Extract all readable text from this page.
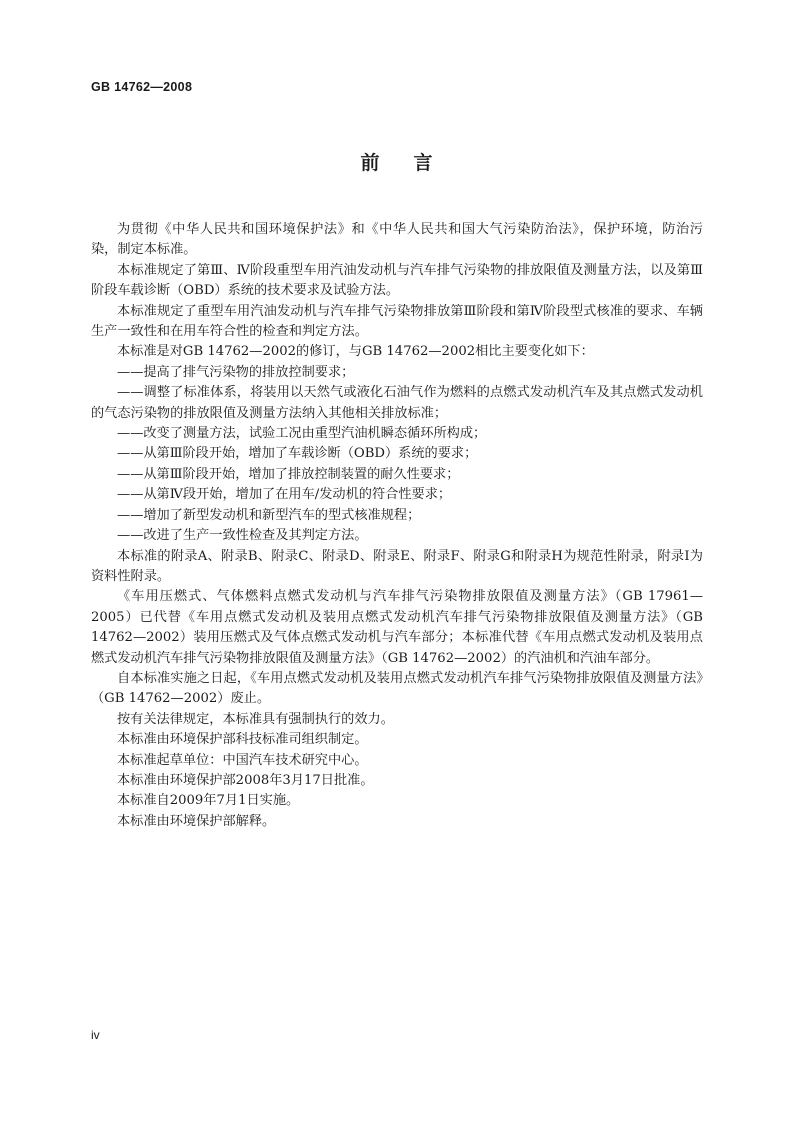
GB 14762—2008
前言

为贯彻《中华人民共和国环境保护法》和《中华人民共和国大气污染防治法》，保护环境，防治污染，制定本标准。

本标准规定了第Ⅲ、Ⅳ阶段重型车用汽油发动机与汽车排气污染物的排放限值及测量方法，以及第Ⅲ阶段车载诊断（OBD）系统的技术要求及试验方法。

本标准规定了重型车用汽油发动机与汽车排气污染物排放第Ⅲ阶段和第Ⅳ阶段型式核准的要求、车辆生产一致性和在用车符合性的检查和判定方法。

本标准是对GB 14762—2002的修订，与GB 14762—2002相比主要变化如下：

——提高了排气污染物的排放控制要求；

——调整了标准体系，将装用以天然气或液化石油气作为燃料的点燃式发动机汽车及其点燃式发动机的气态污染物的排放限值及测量方法纳入其他相关排放标准；

——改变了测量方法，试验工况由重型汽油机瞬态循环所构成；

——从第Ⅲ阶段开始，增加了车载诊断（OBD）系统的要求；

——从第Ⅲ阶段开始，增加了排放控制装置的耐久性要求；

——从第Ⅳ段开始，增加了在用车/发动机的符合性要求；

——增加了新型发动机和新型汽车的型式核准规程；

——改进了生产一致性检查及其判定方法。

本标准的附录A、附录B、附录C、附录D、附录E、附录F、附录G和附录H为规范性附录，附录I为资料性附录。

《车用压燃式、气体燃料点燃式发动机与汽车排气污染物排放限值及测量方法》（GB 17961—2005）已代替《车用点燃式发动机及装用点燃式发动机汽车排气污染物排放限值及测量方法》（GB 14762—2002）装用压燃式及气体点燃式发动机与汽车部分；本标准代替《车用点燃式发动机及装用点燃式发动机汽车排气污染物排放限值及测量方法》（GB 14762—2002）的汽油机和汽油车部分。

自本标准实施之日起，《车用点燃式发动机及装用点燃式发动机汽车排气污染物排放限值及测量方法》（GB 14762—2002）废止。

按有关法律规定，本标准具有强制执行的效力。

本标准由环境保护部科技标准司组织制定。

本标准起草单位：中国汽车技术研究中心。

本标准由环境保护部2008年3月17日批准。

本标准自2009年7月1日实施。

本标准由环境保护部解释。

iv
